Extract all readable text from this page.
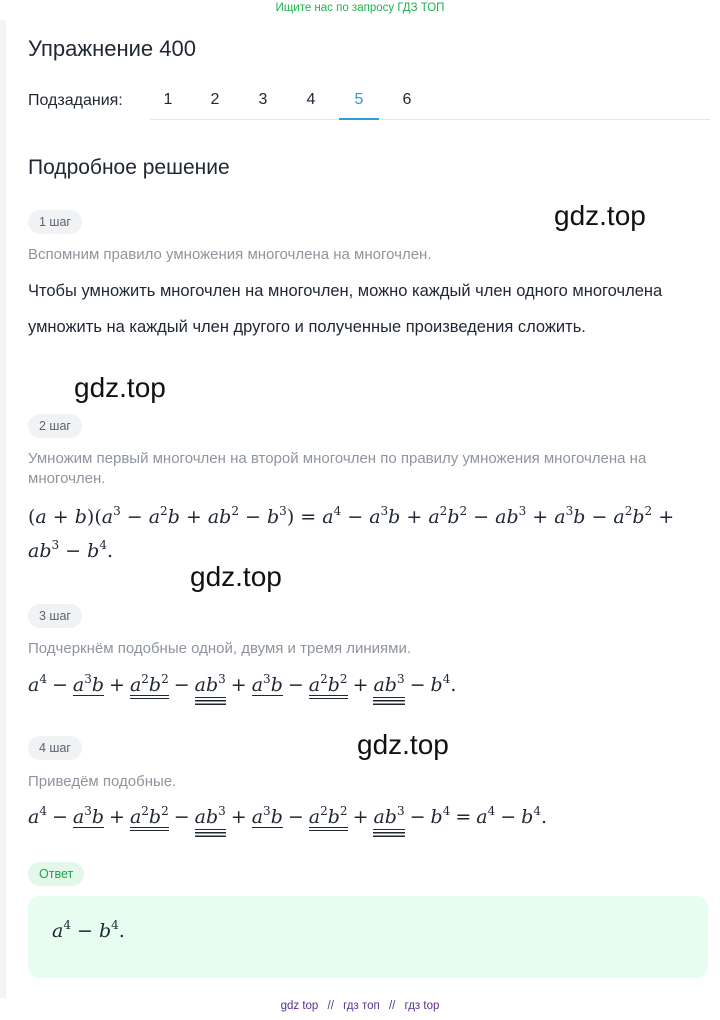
Ищите нас по запросу ГДЗ ТОП
Упражнение 400
Подзадания:	1	2	3	4	5	6
Подробное решение
1 шаг	gdz.top
Вспомним правило умножения многочлена на многочлен.
Чтобы умножить многочлен на многочлен, можно каждый член одного многочлена умножить на каждый член другого и полученные произведения сложить.
gdz.top
2 шаг
Умножим первый многочлен на второй многочлен по правилу умножения многочлена на многочлен.
$(a + b)(a^3 - a^2b + ab^2 - b^3) = a^4 - a^3b + a^2b^2 - ab^3 + a^3b - a^2b^2$ +
$ab^3 - b^4$.
gdz.top
3 шаг
Подчеркнём подобные одной, двумя и тремя линиями.
$a^4 - a^3b + a^2b^2 - ab^3 + a^3b - a^2b^2 + ab^3 - b^4$.
4 шаг	gdz.top
Приведём подобные.
$a^4 - a^3b + a^2b^2 - ab^3 + a^3b - a^2b^2 + ab^3 - b^4 = a^4 - b^4$.
Ответ
$a^4 - b^4$.
gdz top // гдз топ // гдз top
